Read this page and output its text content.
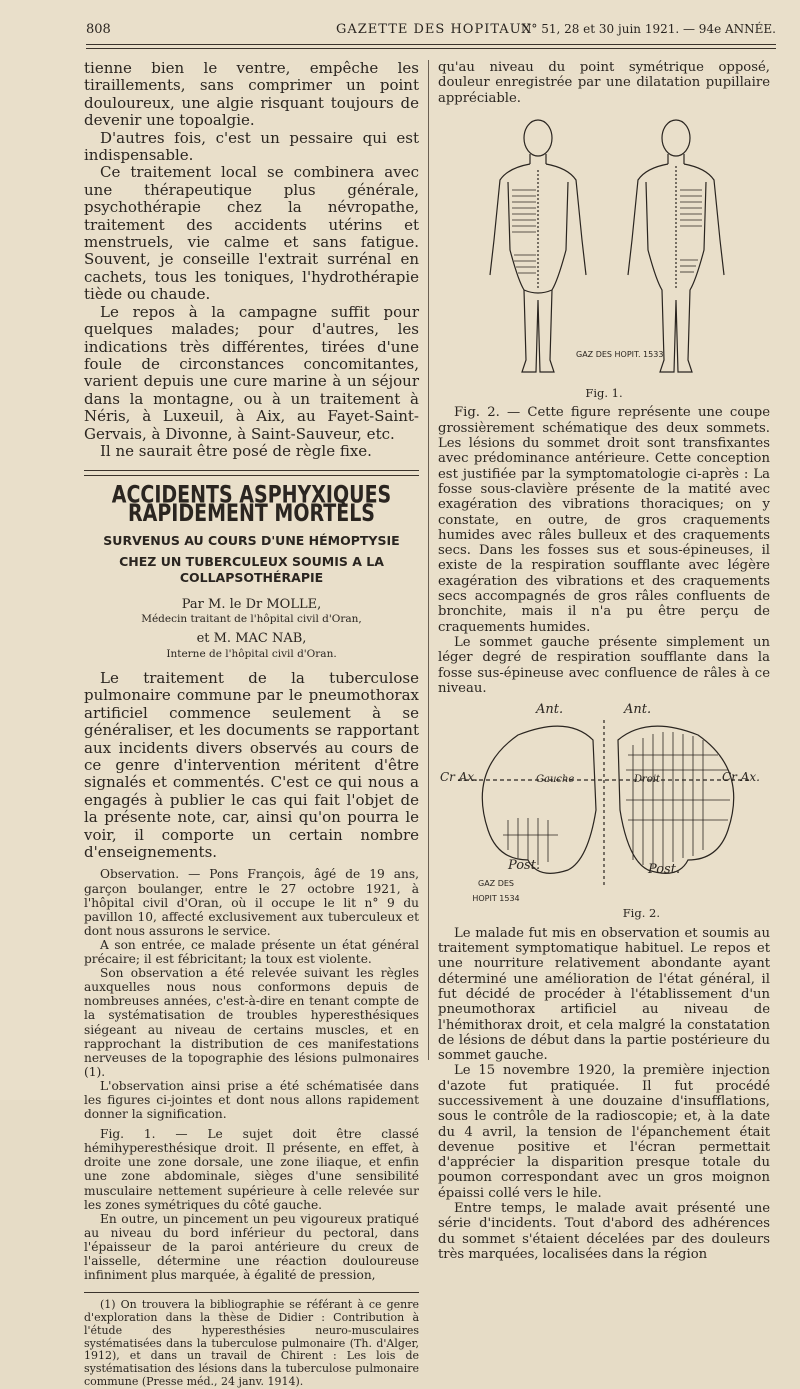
808	GAZETTE DES HOPITAUX
N° 51, 28 et 30 juin 1921. — 94e ANNÉE.

tienne bien le ventre, empêche les tiraillements, sans comprimer un point douloureux, une algie risquant toujours de devenir une topoalgie.

D'autres fois, c'est un pessaire qui est indispensable.

Ce traitement local se combinera avec une thérapeutique plus générale, psychothérapie chez la névropathe, traitement des accidents utérins et menstruels, vie calme et sans fatigue. Souvent, je conseille l'extrait surrénal en cachets, tous les toniques, l'hydrothérapie tiède ou chaude.

Le repos à la campagne suffit pour quelques malades; pour d'autres, les indications très différentes, tirées d'une foule de circonstances concomitantes, varient depuis une cure marine à un séjour dans la montagne, ou à un traitement à Néris, à Luxeuil, à Aix, au Fayet-Saint-Gervais, à Divonne, à Saint-Sauveur, etc.

Il ne saurait être posé de règle fixe.

ACCIDENTS ASPHYXIQUES RAPIDEMENT MORTELS
SURVENUS AU COURS D'UNE HÉMOPTYSIE
CHEZ UN TUBERCULEUX SOUMIS A LA COLLAPSOTHÉRAPIE
Par M. le Dr MOLLE,
Médecin traitant de l'hôpital civil d'Oran,
et M. MAC NAB,
Interne de l'hôpital civil d'Oran.

Le traitement de la tuberculose pulmonaire commune par le pneumothorax artificiel commence seulement à se généraliser, et les documents se rapportant aux incidents divers observés au cours de ce genre d'intervention méritent d'être signalés et commentés. C'est ce qui nous a engagés à publier le cas qui fait l'objet de la présente note, car, ainsi qu'on pourra le voir, il comporte un certain nombre d'enseignements.

Observation. — Pons François, âgé de 19 ans, garçon boulanger, entre le 27 octobre 1921, à l'hôpital civil d'Oran, où il occupe le lit n° 9 du pavillon 10, affecté exclusivement aux tuberculeux et dont nous assurons le service.

A son entrée, ce malade présente un état général précaire; il est fébricitant; la toux est violente.

Son observation a été relevée suivant les règles auxquelles nous nous conformons depuis de nombreuses années, c'est-à-dire en tenant compte de la systématisation de troubles hyperesthésiques siégeant au niveau de certains muscles, et en rapprochant la distribution de ces manifestations nerveuses de la topographie des lésions pulmonaires (1).

L'observation ainsi prise a été schématisée dans les figures ci-jointes et dont nous allons rapidement donner la signification.

Fig. 1. — Le sujet doit être classé hémihyperesthésique droit. Il présente, en effet, à droite une zone dorsale, une zone iliaque, et enfin une zone abdominale, sièges d'une sensibilité musculaire nettement supérieure à celle relevée sur les zones symétriques du côté gauche.

En outre, un pincement un peu vigoureux pratiqué au niveau du bord inférieur du pectoral, dans l'épaisseur de la paroi antérieure du creux de l'aisselle, détermine une réaction douloureuse infiniment plus marquée, à égalité de pression,

(1) On trouvera la bibliographie se référant à ce genre d'exploration dans la thèse de Didier : Contribution à l'étude des hyperesthésies neuro-musculaires systématisées dans la tuberculose pulmonaire (Th. d'Alger, 1912), et dans un travail de Chirent : Les lois de systématisation des lésions dans la tuberculose pulmonaire commune (Presse méd., 24 janv. 1914).

qu'au niveau du point symétrique opposé, douleur enregistrée par une dilatation pupillaire appréciable.

GAZ DES HOPIT. 1533
Fig. 1.

Fig. 2. — Cette figure représente une coupe grossièrement schématique des deux sommets. Les lésions du sommet droit sont transfixantes avec prédominance antérieure. Cette conception est justifiée par la symptomatologie ci-après : La fosse sous-clavière présente de la matité avec exagération des vibrations thoraciques; on y constate, en outre, de gros craquements humides avec râles bulleux et des craquements secs. Dans les fosses sus et sous-épineuses, il existe de la respiration soufflante avec légère exagération des vibrations et des craquements secs accompagnés de gros râles confluents de bronchite, mais il n'a pu être perçu de craquements humides.

Le sommet gauche présente simplement un léger degré de respiration soufflante dans la fosse sus-épineuse avec confluence de râles à ce niveau.

Ant.	Ant.
Cr Ax.	Cr Ax.
Gauche	Droit
Post.	Post.
GAZ DES HOPIT 1534
Fig. 2.

Le malade fut mis en observation et soumis au traitement symptomatique habituel. Le repos et une nourriture relativement abondante ayant déterminé une amélioration de l'état général, il fut décidé de procéder à l'établissement d'un pneumothorax artificiel au niveau de l'hémithorax droit, et cela malgré la constatation de lésions de début dans la partie postérieure du sommet gauche.

Le 15 novembre 1920, la première injection d'azote fut pratiquée. Il fut procédé successivement à une douzaine d'insufflations, sous le contrôle de la radioscopie; et, à la date du 4 avril, la tension de l'épanchement était devenue positive et l'écran permettait d'apprécier la disparition presque totale du poumon correspondant avec un gros moignon épaissi collé vers le hile.

Entre temps, le malade avait présenté une série d'incidents. Tout d'abord des adhérences du sommet s'étaient décelées par des douleurs très marquées, localisées dans la région
